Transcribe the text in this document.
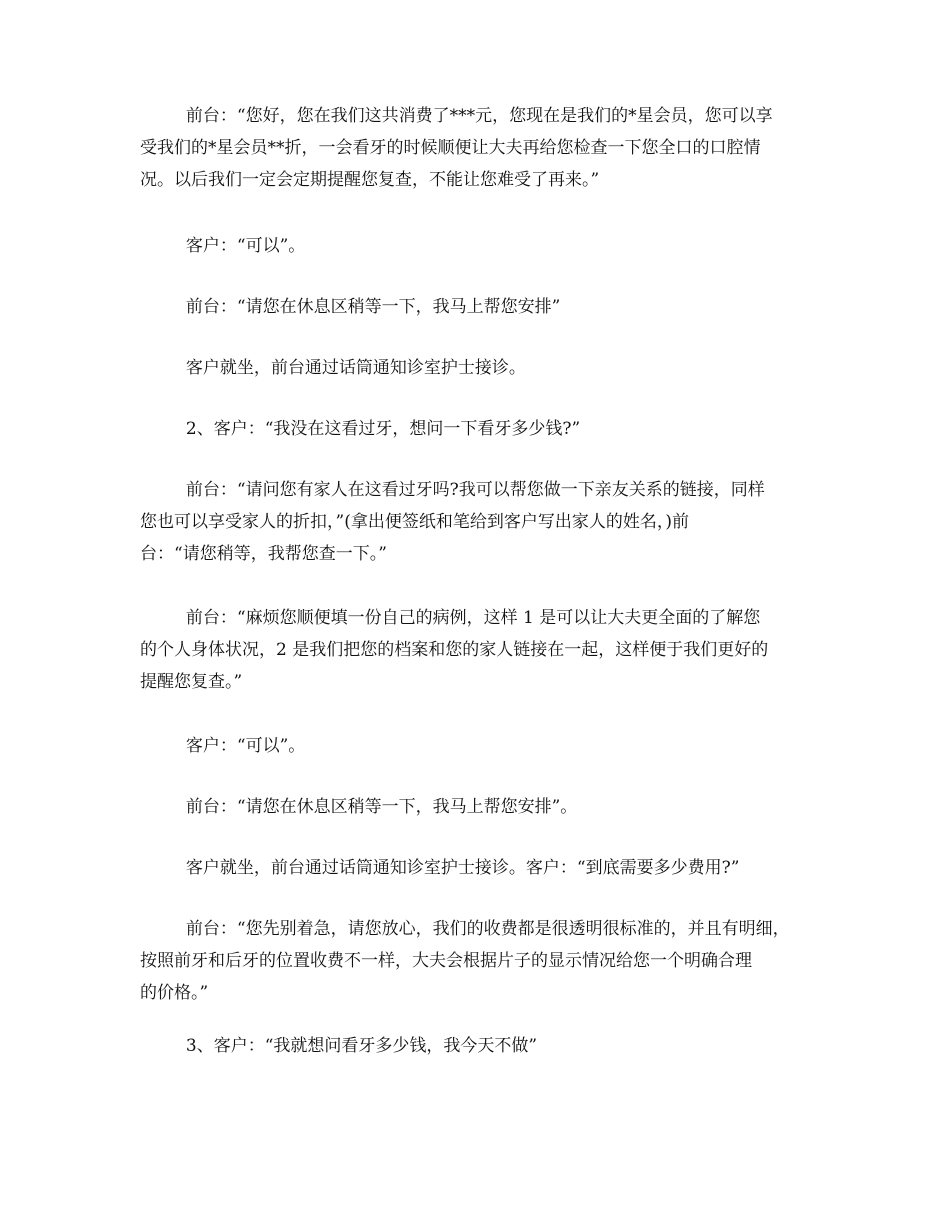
前台：“您好，您在我们这共消费了***元，您现在是我们的*星会员，您可以享
受我们的*星会员**折，一会看牙的时候顺便让大夫再给您检查一下您全口的口腔情
况。以后我们一定会定期提醒您复查，不能让您难受了再来。”

客户：“可以”。

前台：“请您在休息区稍等一下，我马上帮您安排”

客户就坐，前台通过话筒通知诊室护士接诊。

2、客户：“我没在这看过牙，想问一下看牙多少钱?”

前台：“请问您有家人在这看过牙吗?我可以帮您做一下亲友关系的链接，同样
您也可以享受家人的折扣，”(拿出便签纸和笔给到客户写出家人的姓名，)前
台：“请您稍等，我帮您查一下。”

前台：“麻烦您顺便填一份自己的病例，这样 1 是可以让大夫更全面的了解您
的个人身体状况，2 是我们把您的档案和您的家人链接在一起，这样便于我们更好的
提醒您复查。”

客户：“可以”。

前台：“请您在休息区稍等一下，我马上帮您安排”。

客户就坐，前台通过话筒通知诊室护士接诊。客户：“到底需要多少费用?”

前台：“您先别着急，请您放心，我们的收费都是很透明很标准的，并且有明细，
按照前牙和后牙的位置收费不一样，大夫会根据片子的显示情况给您一个明确合理
的价格。”

3、客户：“我就想问看牙多少钱，我今天不做”
